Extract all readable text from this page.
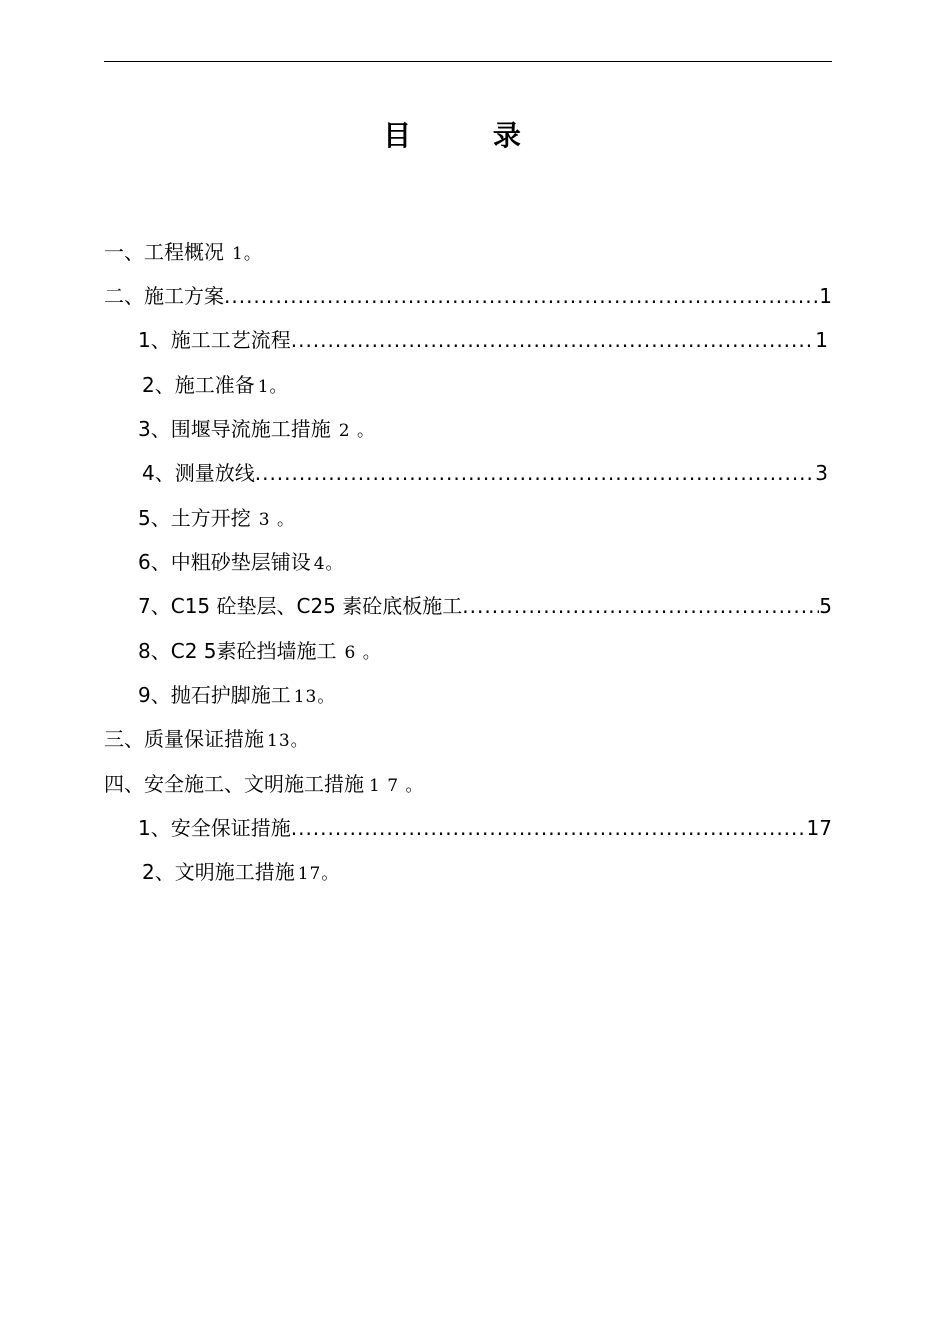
目 录
一、工程概况 1。
二、施工方案 .....	1
1、施工工艺流程 .....	1
2、施工准备 1。
3、围堰导流施工措施 2 。
4、测量放线 .....	3
5、土方开挖 3 。
6、中粗砂垫层铺设 4。
7、C15 砼垫层、C25 素砼底板施工 .....	5
8、C2 5素砼挡墙施工 6 。
9、抛石护脚施工 13。
三、质量保证措施 13。
四、安全施工、文明施工措施 1 7 。
1、安全保证措施 .....	17
2、文明施工措施 17。
